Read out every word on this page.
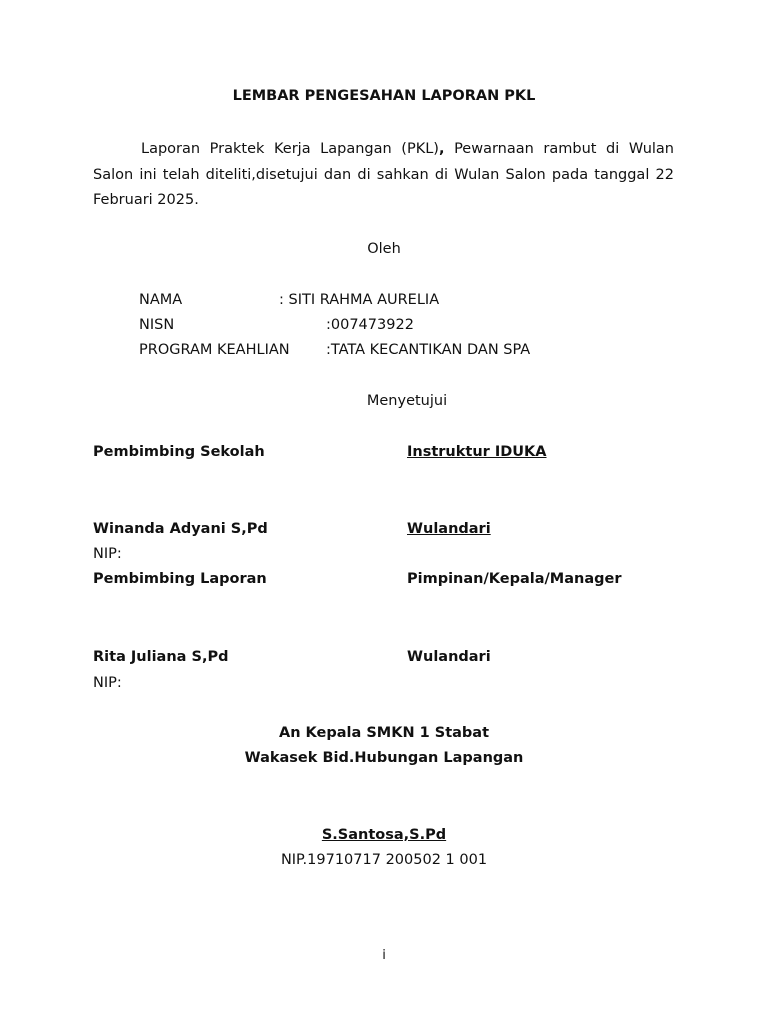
LEMBAR PENGESAHAN LAPORAN PKL
Laporan Praktek Kerja Lapangan (PKL), Pewarnaan rambut di Wulan Salon ini telah diteliti,disetujui dan di sahkan di Wulan Salon pada tanggal 22 Februari 2025.
Oleh
NAMA	: SITI RAHMA AURELIA
NISN	:007473922
PROGRAM KEAHLIAN	:TATA KECANTIKAN DAN SPA
Menyetujui
Pembimbing Sekolah	Instruktur IDUKA
Winanda Adyani S,Pd	Wulandari
NIP:
Pembimbing Laporan	Pimpinan/Kepala/Manager
Rita Juliana S,Pd	Wulandari
NIP:
An Kepala SMKN 1 Stabat
Wakasek Bid.Hubungan Lapangan
S.Santosa,S.Pd
NIP.19710717 200502 1 001
i
